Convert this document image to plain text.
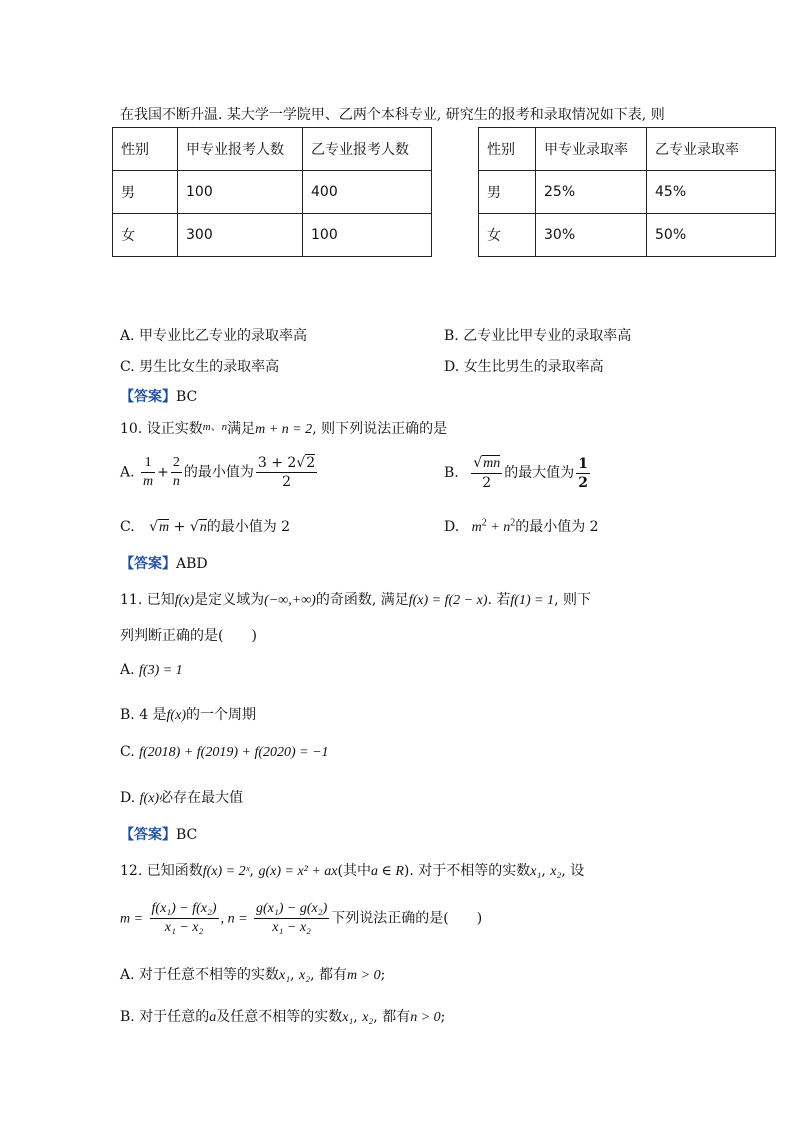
在我国不断升温. 某大学一学院甲、乙两个本科专业, 研究生的报考和录取情况如下表, 则
性别	甲专业报考人数	乙专业报考人数
男	100	400
女	300	100
性别	甲专业录取率	乙专业录取率
男	25%	45%
女	30%	50%
A. 甲专业比乙专业的录取率高	B. 乙专业比甲专业的录取率高
C. 男生比女生的录取率高	D. 女生比男生的录取率高
【答案】BC
10. 设正实数$^{m、n}$满足m + n = 2, 则下列说法正确的是
A. $\frac{1}{m} + \frac{2}{n}$ 的最小值为 $\frac{3 + 2√2}{2}$	B. $\frac{√mn}{2}$ 的最大值为 $\frac{1}{2}$
C. √m + √n的最小值为 2	D. $m^2 + n^2$的最小值为 2
【答案】ABD
11. 已知f(x)是定义域为(−∞,+∞)的奇函数, 满足f(x) = f(2 − x). 若f(1) = 1, 则下
列判断正确的是(　　)
A. f(3) = 1
B. 4 是f(x)的一个周期
C. f(2018) + f(2019) + f(2020) = −1
D. f(x)必存在最大值
【答案】BC
12. 已知函数f(x) = 2ˣ, g(x) = x² + ax(其中a ∈ R). 对于不相等的实数x₁, x₂, 设
$m = \frac{\text{f(x₁) − f(x₂)}}{\text{x₁ − x₂}}$ , $n = \frac{\text{g(x₁) − g(x₂)}}{\text{x₁ − x₂}}$ 下列说法正确的是(　　)
A. 对于任意不相等的实数x₁, x₂, 都有m > 0;
B. 对于任意的a及任意不相等的实数x₁, x₂, 都有n > 0;
